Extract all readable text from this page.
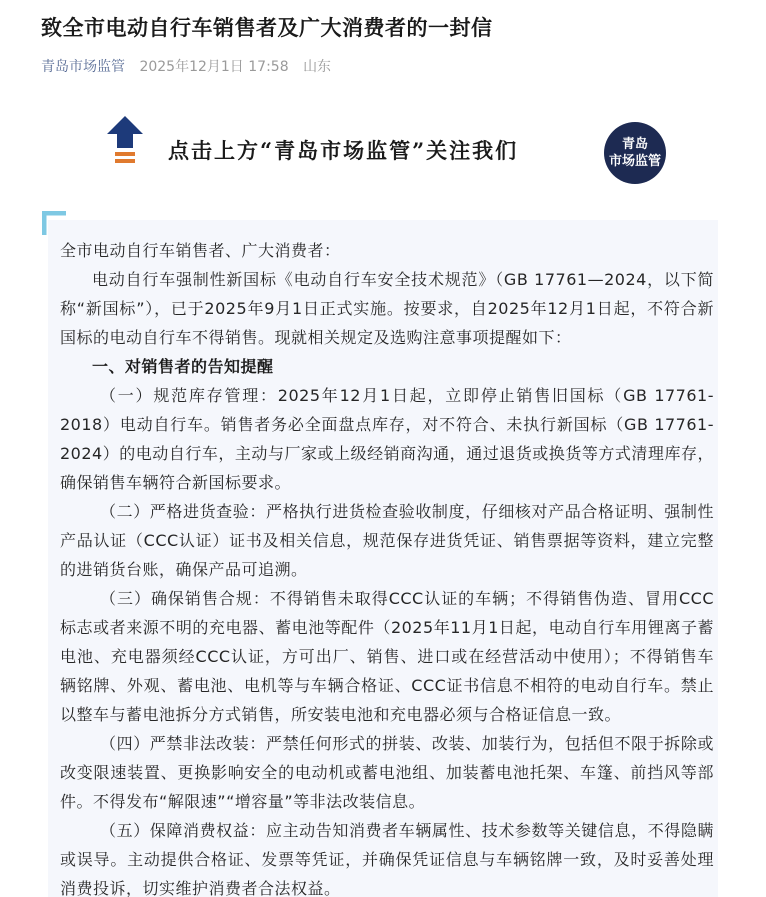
致全市电动自行车销售者及广大消费者的一封信
青岛市场监管 2025年12月1日 17:58 山东
点击上方“青岛市场监管”关注我们	青岛
市场监管

全市电动自行车销售者、广大消费者：

电动自行车强制性新国标《电动自行车安全技术规范》（GB 17761—2024，以下简称“新国标”），已于2025年9月1日正式实施。按要求，自2025年12月1日起，不符合新国标的电动自行车不得销售。现就相关规定及选购注意事项提醒如下：

一、对销售者的告知提醒

（一）规范库存管理：2025年12月1日起，立即停止销售旧国标（GB 17761-2018）电动自行车。销售者务必全面盘点库存，对不符合、未执行新国标（GB 17761-2024）的电动自行车，主动与厂家或上级经销商沟通，通过退货或换货等方式清理库存，确保销售车辆符合新国标要求。

（二）严格进货查验：严格执行进货检查验收制度，仔细核对产品合格证明、强制性产品认证（CCC认证）证书及相关信息，规范保存进货凭证、销售票据等资料，建立完整的进销货台账，确保产品可追溯。

（三）确保销售合规：不得销售未取得CCC认证的车辆；不得销售伪造、冒用CCC标志或者来源不明的充电器、蓄电池等配件（2025年11月1日起，电动自行车用锂离子蓄电池、充电器须经CCC认证，方可出厂、销售、进口或在经营活动中使用）；不得销售车辆铭牌、外观、蓄电池、电机等与车辆合格证、CCC证书信息不相符的电动自行车。禁止以整车与蓄电池拆分方式销售，所安装电池和充电器必须与合格证信息一致。

（四）严禁非法改装：严禁任何形式的拼装、改装、加装行为，包括但不限于拆除或改变限速装置、更换影响安全的电动机或蓄电池组、加装蓄电池托架、车篷、前挡风等部件。不得发布“解限速”“增容量”等非法改装信息。

（五）保障消费权益：应主动告知消费者车辆属性、技术参数等关键信息，不得隐瞒或误导。主动提供合格证、发票等凭证，并确保凭证信息与车辆铭牌一致，及时妥善处理消费投诉，切实维护消费者合法权益。
